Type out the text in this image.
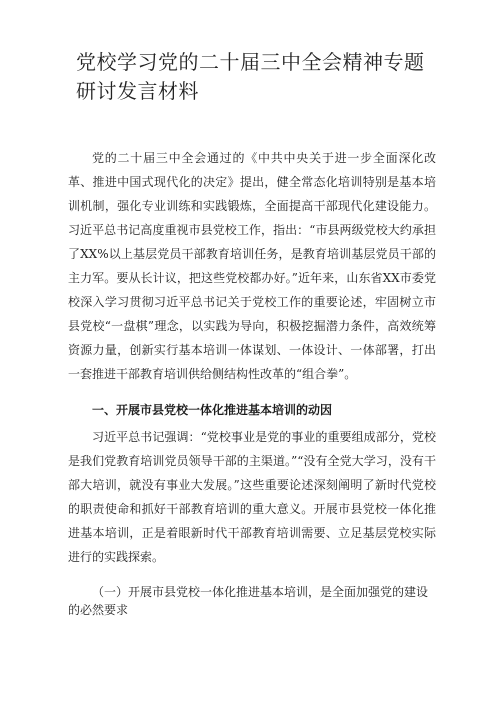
党校学习党的二十届三中全会精神专题研讨发言材料

党的二十届三中全会通过的《中共中央关于进一步全面深化改革、推进中国式现代化的决定》提出，健全常态化培训特别是基本培训机制，强化专业训练和实践锻炼，全面提高干部现代化建设能力。习近平总书记高度重视市县党校工作，指出：“市县两级党校大约承担了XX%以上基层党员干部教育培训任务，是教育培训基层党员干部的主力军。要从长计议，把这些党校都办好。”近年来，山东省XX市委党校深入学习贯彻习近平总书记关于党校工作的重要论述，牢固树立市县党校“一盘棋”理念，以实践为导向，积极挖掘潜力条件，高效统筹资源力量，创新实行基本培训一体谋划、一体设计、一体部署，打出一套推进干部教育培训供给侧结构性改革的“组合拳”。

一、开展市县党校一体化推进基本培训的动因

习近平总书记强调：“党校事业是党的事业的重要组成部分，党校是我们党教育培训党员领导干部的主渠道。”“没有全党大学习，没有干部大培训，就没有事业大发展。”这些重要论述深刻阐明了新时代党校的职责使命和抓好干部教育培训的重大意义。开展市县党校一体化推进基本培训，正是着眼新时代干部教育培训需要、立足基层党校实际进行的实践探索。

（一）开展市县党校一体化推进基本培训，是全面加强党的建设的必然要求
